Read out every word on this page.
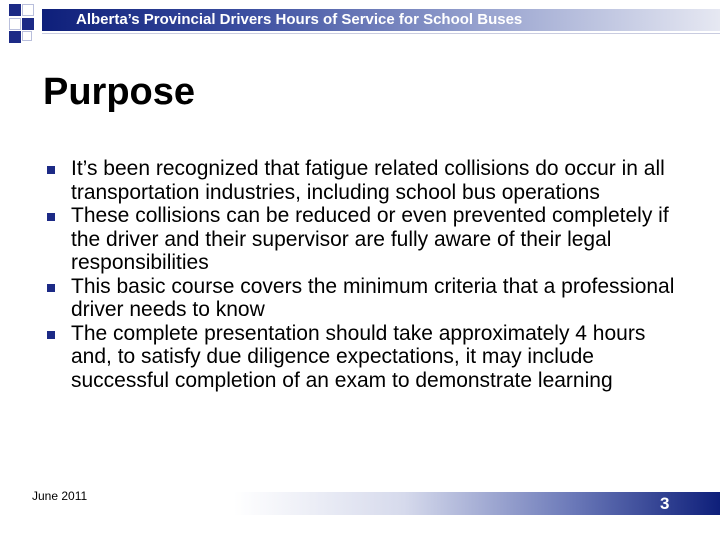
Alberta’s Provincial Drivers Hours of Service for School Buses
Purpose
It’s been recognized that fatigue related collisions do occur in all transportation industries, including school bus operations
These collisions can be reduced or even prevented completely if the driver and their supervisor are fully aware of their legal responsibilities
This basic course covers the minimum criteria that a professional driver needs to know
The complete presentation should take approximately 4 hours and, to satisfy due diligence expectations, it may include successful completion of an exam to demonstrate learning
June 2011	3
